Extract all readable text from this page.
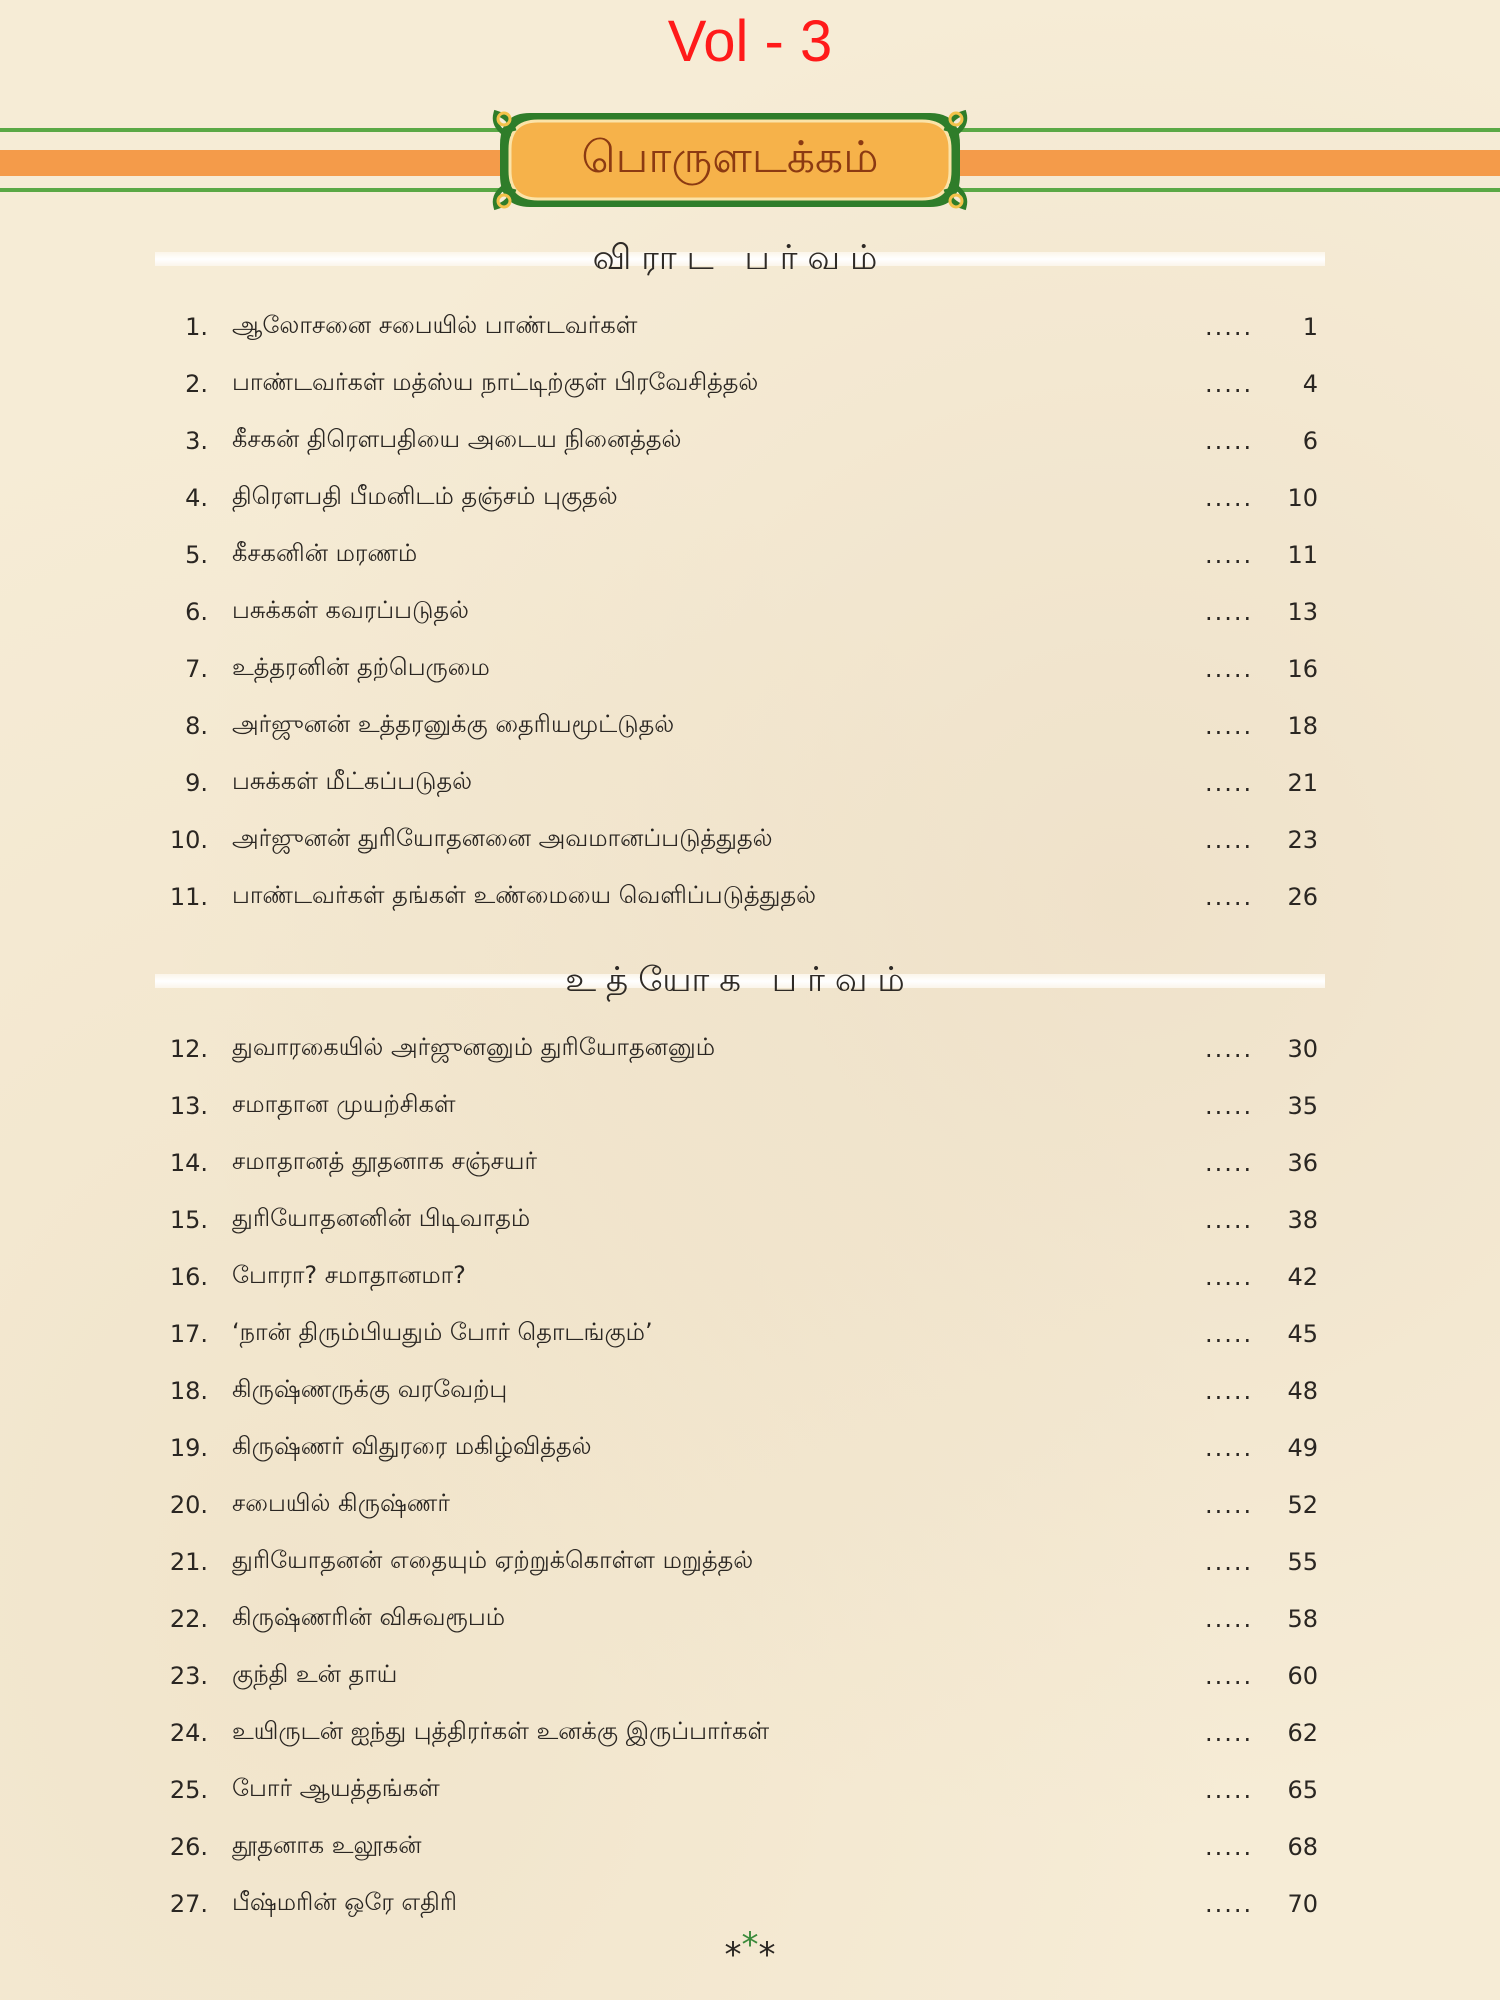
Vol - 3
பொருளடக்கம்
விராட பர்வம்
1. ஆலோசனை சபையில் பாண்டவர்கள்	.....	1
2. பாண்டவர்கள் மத்ஸ்ய நாட்டிற்குள் பிரவேசித்தல்	.....	4
3. கீசகன் திரௌபதியை அடைய நினைத்தல்	.....	6
4. திரௌபதி பீமனிடம் தஞ்சம் புகுதல்	.....	10
5. கீசகனின் மரணம்	.....	11
6. பசுக்கள் கவரப்படுதல்	.....	13
7. உத்தரனின் தற்பெருமை	.....	16
8. அர்ஜுனன் உத்தரனுக்கு தைரியமூட்டுதல்	.....	18
9. பசுக்கள் மீட்கப்படுதல்	.....	21
10. அர்ஜுனன் துரியோதனனை அவமானப்படுத்துதல்	.....	23
11. பாண்டவர்கள் தங்கள் உண்மையை வெளிப்படுத்துதல்	.....	26
உத்யோக பர்வம்
12. துவாரகையில் அர்ஜுனனும் துரியோதனனும்	.....	30
13. சமாதான முயற்சிகள்	.....	35
14. சமாதானத் தூதனாக சஞ்சயர்	.....	36
15. துரியோதனனின் பிடிவாதம்	.....	38
16. போரா? சமாதானமா?	.....	42
17. ‘நான் திரும்பியதும் போர் தொடங்கும்’	.....	45
18. கிருஷ்ணருக்கு வரவேற்பு	.....	48
19. கிருஷ்ணர் விதுரரை மகிழ்வித்தல்	.....	49
20. சபையில் கிருஷ்ணர்	.....	52
21. துரியோதனன் எதையும் ஏற்றுக்கொள்ள மறுத்தல்	.....	55
22. கிருஷ்ணரின் விசுவரூபம்	.....	58
23. குந்தி உன் தாய்	.....	60
24. உயிருடன் ஐந்து புத்திரர்கள் உனக்கு இருப்பார்கள்	.....	62
25. போர் ஆயத்தங்கள்	.....	65
26. தூதனாக உலூகன்	.....	68
27. பீஷ்மரின் ஒரே எதிரி	.....	70
***
